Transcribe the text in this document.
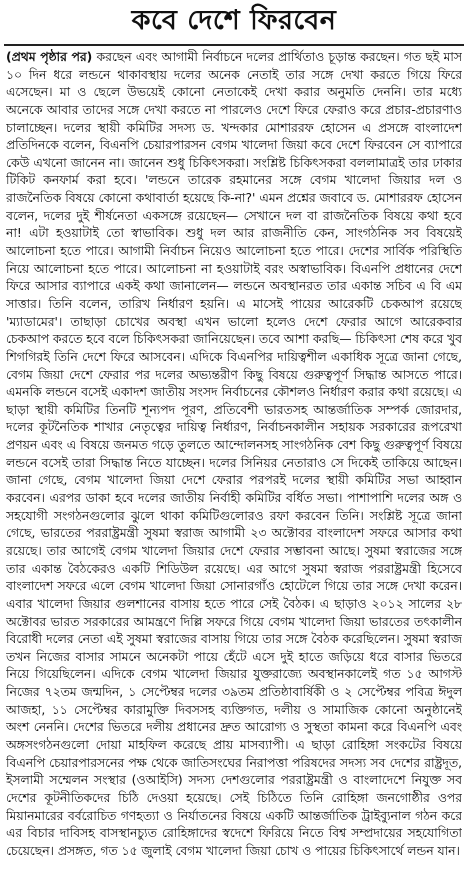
কবে দেশে ফিরবেন
(প্রথম পৃষ্ঠার পর) করছেন এবং আগামী নির্বাচনে দলের প্রার্থিতাও চূড়ান্ত করছেন। গত ছই মাস ১০ দিন ধরে লন্ডনে থাকাবস্থায় দলের অনেক নেতাই তার সঙ্গে দেখা করতে গিয়ে ফিরে এসেছেন। মা ও ছেলে উভয়েই কোনো নেতাকেই দেখা করার অনুমতি দেননি। তার মধ্যে অনেকে আবার তাদের সঙ্গে দেখা করতে না পারলেও দেশে ফিরে ফেরাও করে প্রচার-প্রচারণাও চালাচ্ছেন। দলের স্থায়ী কমিটির সদস্য ড. খন্দকার মোশাররফ হোসেন এ প্রসঙ্গে বাংলাদেশ প্রতিদিনকে বলেন, বিএনপি চেয়ারপারসন বেগম খালেদা জিয়া কবে দেশে ফিরবেন সে ব্যাপারে কেউ এখনো জানেন না। জানেন শুধু চিকিৎসকরা। সংশ্লিষ্ট চিকিৎসকরা বললামাত্রই তার ঢাকার টিকিট কনফার্ম করা হবে। 'লন্ডনে তারেক রহমানের সঙ্গে বেগম খালেদা জিয়ার দল ও রাজনৈতিক বিষয়ে কোনো কথাবার্তা হয়েছে কি-না?' এমন প্রশ্নের জবাবে ড. মোশাররফ হোসেন বলেন, দলের দুই শীর্ষনেতা একসঙ্গে রয়েছেন— সেখানে দল বা রাজনৈতিক বিষয়ে কথা হবে না! এটা হওয়াটাই তো স্বাভাবিক। শুধু দল আর রাজনীতি কেন, সাংগঠনিক সব বিষয়েই আলোচনা হতে পারে। আগামী নির্বাচন নিয়েও আলোচনা হতে পারে। দেশের সার্বিক পরিস্থিতি নিয়ে আলোচনা হতে পারে। আলোচনা না হওয়াটাই বরং অস্বাভাবিক। বিএনপি প্রধানের দেশে ফিরে আসার ব্যাপারে একই কথা জানালেন— লন্ডনে অবস্থানরত তার একান্ত সচিব এ বি এম সাত্তার। তিনি বলেন, তারিখ নির্ধারণ হয়নি। এ মাসেই পায়ের আরেকটি চেকআপ রয়েছে 'ম্যাডামের'। তাছাড়া চোখের অবস্থা এখন ভালো হলেও দেশে ফেরার আগে আরেকবার চেকআপ করতে হবে বলে চিকিৎসকরা জানিয়েছেন। তবে আশা করছি— চিকিৎসা শেষ করে খুব শিগগিরই তিনি দেশে ফিরে আসবেন। এদিকে বিএনপির দায়িত্বশীল একাধিক সূত্রে জানা গেছে, বেগম জিয়া দেশে ফেরার পর দলের অভ্যন্তরীণ কিছু বিষয়ে গুরুত্বপূর্ণ সিদ্ধান্ত আসতে পারে। এমনকি লন্ডনে বসেই একাদশ জাতীয় সংসদ নির্বাচনের কৌশলও নির্ধারণ করার কথা রয়েছে। এ ছাড়া স্থায়ী কমিটির তিনটি শূন্যপদ পূরণ, প্রতিবেশী ভারতসহ আন্তর্জাতিক সম্পর্ক জোরদার, দলের কূটনৈতিক শাখার নেতৃত্বের দায়িত্ব নির্ধারণ, নির্বাচনকালীন সহায়ক সরকারের রূপরেখা প্রণয়ন এবং এ বিষয়ে জনমত গড়ে তুলতে আন্দোলনসহ সাংগঠনিক বেশ কিছু গুরুত্বপূর্ণ বিষয়ে লন্ডনে বসেই তারা সিদ্ধান্ত নিতে যাচ্ছেন। দলের সিনিয়র নেতারাও সে দিকেই তাকিয়ে আছেন। জানা গেছে, বেগম খালেদা জিয়া দেশে ফেরার পরপরই দলের স্থায়ী কমিটির সভা আহ্বান করবেন। এরপর ডাকা হবে দলের জাতীয় নির্বাহী কমিটির বর্ধিত সভা। পাশাপাশি দলের অঙ্গ ও সহযোগী সংগঠনগুলোর ঝুলে থাকা কমিটিগুলোরও রফা করবেন তিনি। সংশ্লিষ্ট সূত্রে জানা গেছে, ভারতের পররাষ্ট্রমন্ত্রী সুষমা স্বরাজ আগামী ২৩ অক্টোবর বাংলাদেশ সফরে আসার কথা রয়েছে। তার আগেই বেগম খালেদা জিয়ার দেশে ফেরার সম্ভাবনা আছে। সুষমা স্বরাজের সঙ্গে তার একান্ত বৈঠকেরও একটি শিডিউল রয়েছে। এর আগে সুষমা স্বরাজ পররাষ্ট্রমন্ত্রী হিসেবে বাংলাদেশ সফরে এলে বেগম খালেদা জিয়া সোনারগাঁও হোটেলে গিয়ে তার সঙ্গে দেখা করেন। এবার খালেদা জিয়ার গুলশানের বাসায় হতে পারে সেই বৈঠক। এ ছাড়াও ২০১২ সালের ২৮ অক্টোবর ভারত সরকারের আমন্ত্রণে দিল্লি সফরে গিয়ে বেগম খালেদা জিয়া ভারতের তৎকালীন বিরোধী দলের নেতা এই সুষমা স্বরাজের বাসায় গিয়ে তার সঙ্গে বৈঠক করেছিলেন। সুষমা স্বরাজ তখন নিজের বাসার সামনে অনেকটা পায়ে হেঁটে এসে দুই হাতে জড়িয়ে ধরে বাসার ভিতরে নিয়ে গিয়েছিলেন। এদিকে বেগম খালেদা জিয়ার যুক্তরাজ্যে অবস্থানকালেই গত ১৫ আগস্ট নিজের ৭২তম জন্মদিন, ১ সেপ্টেম্বর দলের ৩৯তম প্রতিষ্ঠাবার্ষিকী ও ২ সেপ্টেম্বর পবিত্র ঈদুল আজহা, ১১ সেপ্টেম্বর কারামুক্তি দিবসসহ ব্যক্তিগত, দলীয় ও সামাজিক কোনো অনুষ্ঠানেই অংশ নেননি। দেশের ভিতরে দলীয় প্রধানের দ্রুত আরোগ্য ও সুস্থতা কামনা করে বিএনপি এবং অঙ্গসংগঠনগুলো দোয়া মাহফিল করেছে প্রায় মাসব্যাপী। এ ছাড়া রোহিঙ্গা সংকটের বিষয়ে বিএনপি চেয়ারপারসনের পক্ষ থেকে জাতিসংঘের নিরাপত্তা পরিষদের সদস্য সব দেশের রাষ্ট্রদূত, ইসলামী সম্মেলন সংস্থার (ওআইসি) সদস্য দেশগুলোর পররাষ্ট্রমন্ত্রী ও বাংলাদেশে নিযুক্ত সব দেশের কূটনীতিকদের চিঠি দেওয়া হয়েছে। সেই চিঠিতে তিনি রোহিঙ্গা জনগোষ্ঠীর ওপর মিয়ানমারের বর্বরোচিত গণহত্যা ও নির্যাতনের বিষয়ে একটি আন্তর্জাতিক ট্রাইব্যুনাল গঠন করে এর বিচার দাবিসহ বাসস্থানচ্যুত রোহিঙ্গাদের স্বদেশে ফিরিয়ে নিতে বিশ্ব সম্প্রদায়ের সহযোগিতা চেয়েছেন। প্রসঙ্গত, গত ১৫ জুলাই বেগম খালেদা জিয়া চোখ ও পায়ের চিকিৎসার্থে লন্ডন যান।
